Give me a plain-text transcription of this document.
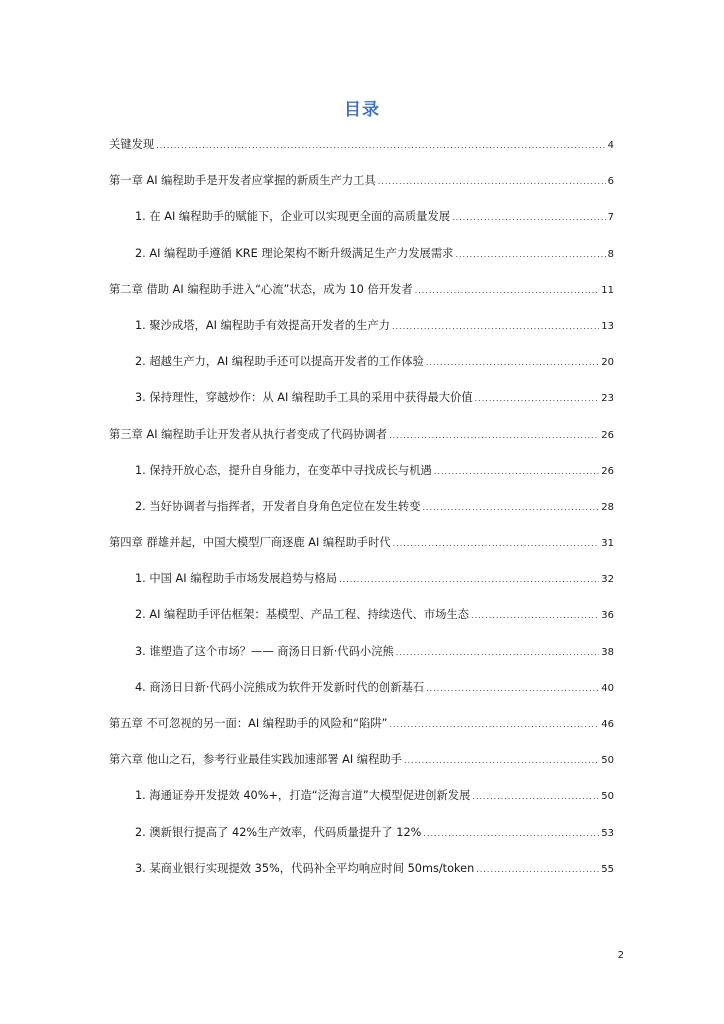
目录
关键发现 .....	4
第一章 AI 编程助手是开发者应掌握的新质生产力工具 .....	6
1. 在 AI 编程助手的赋能下，企业可以实现更全面的高质量发展 .....	7
2. AI 编程助手遵循 KRE 理论架构不断升级满足生产力发展需求 .....	8
第二章 借助 AI 编程助手进入“心流”状态，成为 10 倍开发者 .....	11
1. 聚沙成塔，AI 编程助手有效提高开发者的生产力 .....	13
2. 超越生产力，AI 编程助手还可以提高开发者的工作体验 .....	20
3. 保持理性，穿越炒作：从 AI 编程助手工具的采用中获得最大价值 .....	23
第三章 AI 编程助手让开发者从执行者变成了代码协调者 .....	26
1. 保持开放心态，提升自身能力，在变革中寻找成长与机遇 .....	26
2. 当好协调者与指挥者，开发者自身角色定位在发生转变 .....	28
第四章 群雄并起，中国大模型厂商逐鹿 AI 编程助手时代 .....	31
1. 中国 AI 编程助手市场发展趋势与格局 .....	32
2. AI 编程助手评估框架：基模型、产品工程、持续迭代、市场生态 .....	36
3. 谁塑造了这个市场？—— 商汤日日新·代码小浣熊 .....	38
4. 商汤日日新·代码小浣熊成为软件开发新时代的创新基石 .....	40
第五章 不可忽视的另一面：AI 编程助手的风险和“陷阱” .....	46
第六章 他山之石，参考行业最佳实践加速部署 AI 编程助手 .....	50
1. 海通证券开发提效 40%+，打造“泛海言道”大模型促进创新发展 .....	50
2. 澳新银行提高了 42%生产效率，代码质量提升了 12% .....	53
3. 某商业银行实现提效 35%，代码补全平均响应时间 50ms/token .....	55
2
